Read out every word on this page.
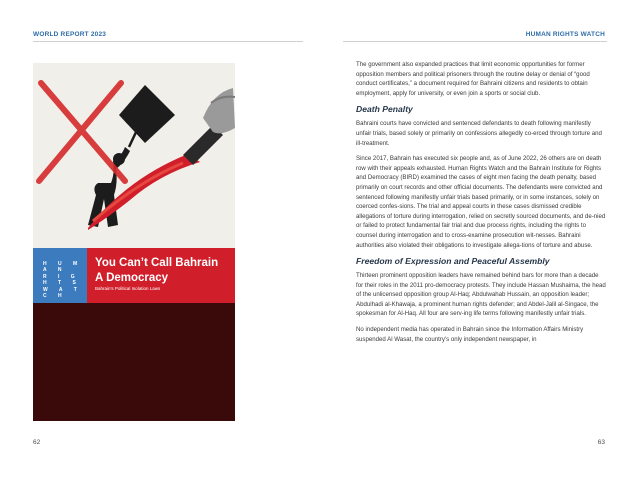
WORLD REPORT 2023	HUMAN RIGHTS WATCH
H U M A N
R I G H T S
W A T C H
You Can’t Call Bahrain
A Democracy
Bahrain’s Political Isolation Laws

The government also expanded practices that limit economic opportunities for former opposition members and political prisoners through the routine delay or denial of “good conduct certificates,” a document required for Bahraini citizens and residents to obtain employment, apply for university, or even join a sports or social club.

Death Penalty

Bahraini courts have convicted and sentenced defendants to death following manifestly unfair trials, based solely or primarily on confessions allegedly co-erced through torture and ill-treatment.

Since 2017, Bahrain has executed six people and, as of June 2022, 26 others are on death row with their appeals exhausted. Human Rights Watch and the Bahrain Institute for Rights and Democracy (BIRD) examined the cases of eight men facing the death penalty, based primarily on court records and other official documents. The defendants were convicted and sentenced following manifestly unfair trials based primarily, or in some instances, solely on coerced confes-sions. The trial and appeal courts in these cases dismissed credible allegations of torture during interrogation, relied on secretly sourced documents, and de-nied or failed to protect fundamental fair trial and due process rights, including the rights to counsel during interrogation and to cross-examine prosecution wit-nesses. Bahraini authorities also violated their obligations to investigate allega-tions of torture and abuse.

Freedom of Expression and Peaceful Assembly

Thirteen prominent opposition leaders have remained behind bars for more than a decade for their roles in the 2011 pro-democracy protests. They include Hassan Mushaima, the head of the unlicensed opposition group Al-Haq; Abdulwahab Hussain, an opposition leader; Abdulhadi al-Khawaja, a prominent human rights defender; and Abdel-Jalil al-Singace, the spokesman for Al-Haq. All four are serv-ing life terms following manifestly unfair trials.

No independent media has operated in Bahrain since the Information Affairs Ministry suspended Al Wasat, the country’s only independent newspaper, in

62	63
